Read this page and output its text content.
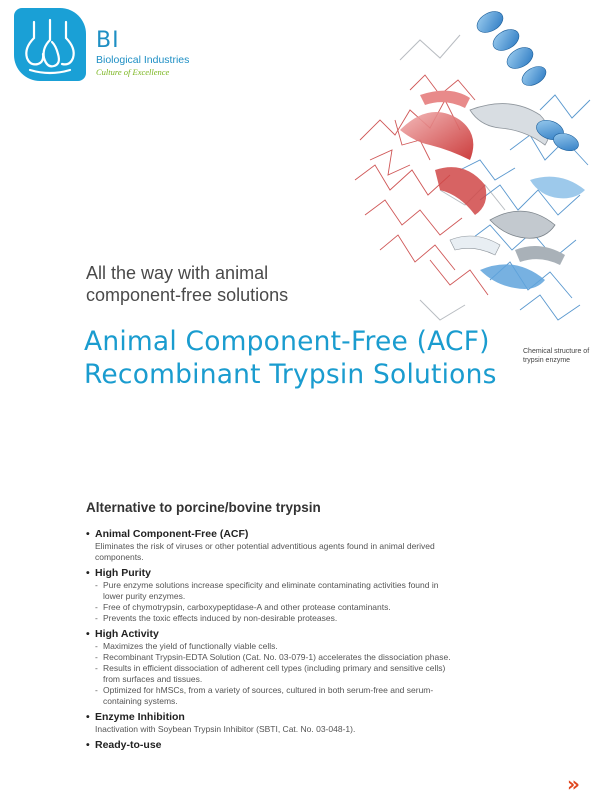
BI
Biological Industries
Culture of Excellence
All the way with animal component-free solutions
Animal Component-Free (ACF) Recombinant Trypsin Solutions
Chemical structure of trypsin enzyme
Alternative to porcine/bovine trypsin
• Animal Component-Free (ACF)
Eliminates the risk of viruses or other potential adventitious agents found in animal derived components.
• High Purity
- Pure enzyme solutions increase specificity and eliminate contaminating activities found in lower purity enzymes.
- Free of chymotrypsin, carboxypeptidase-A and other protease contaminants.
- Prevents the toxic effects induced by non-desirable proteases.
• High Activity
- Maximizes the yield of functionally viable cells.
- Recombinant Trypsin-EDTA Solution (Cat. No. 03-079-1) accelerates the dissociation phase.
- Results in efficient dissociation of adherent cell types (including primary and sensitive cells) from surfaces and tissues.
- Optimized for hMSCs, from a variety of sources, cultured in both serum-free and serum-containing systems.
• Enzyme Inhibition
Inactivation with Soybean Trypsin Inhibitor (SBTI, Cat. No. 03-048-1).
• Ready-to-use
»
